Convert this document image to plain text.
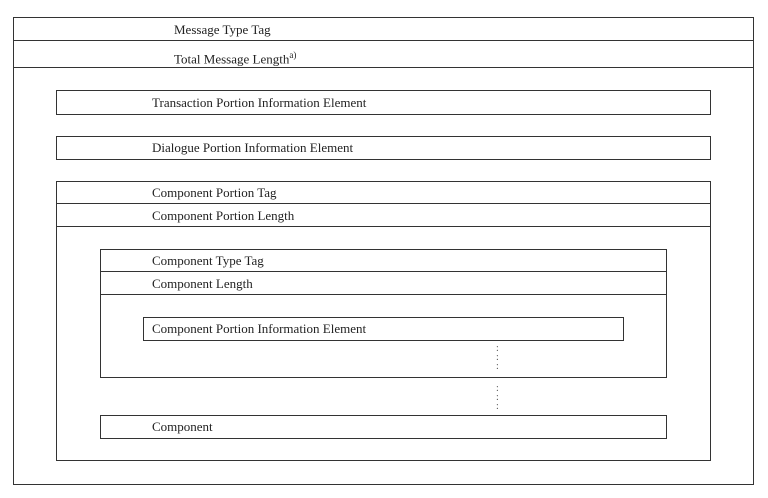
Message Type Tag
Total Message Length$^{a)}$
Transaction Portion Information Element
Dialogue Portion Information Element
Component Portion Tag
Component Portion Length
Component Type Tag
Component Length
Component Portion Information Element
:
:
:
:
:
:
Component
